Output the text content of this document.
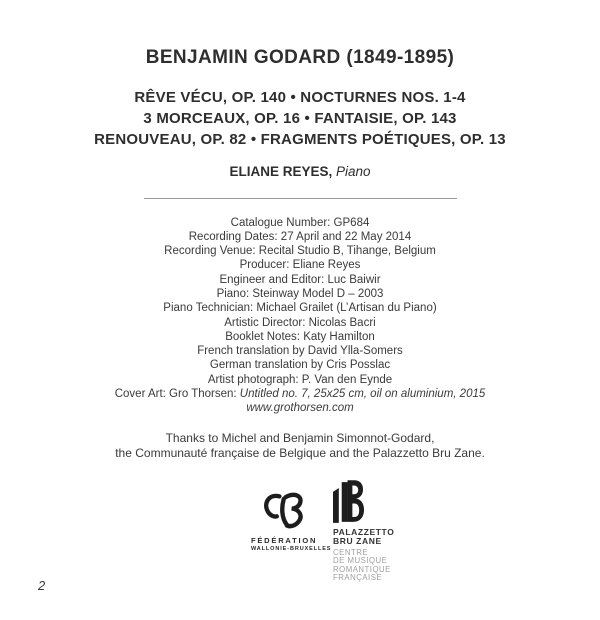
BENJAMIN GODARD (1849-1895)
RÊVE VÉCU, OP. 140 • NOCTURNES NOS. 1-4
3 MORCEAUX, OP. 16 • FANTAISIE, OP. 143
RENOUVEAU, OP. 82 • FRAGMENTS POÉTIQUES, OP. 13
ELIANE REYES, Piano
Catalogue Number: GP684
Recording Dates: 27 April and 22 May 2014
Recording Venue: Recital Studio B, Tihange, Belgium
Producer: Eliane Reyes
Engineer and Editor: Luc Baiwir
Piano: Steinway Model D – 2003
Piano Technician: Michael Grailet (L’Artisan du Piano)
Artistic Director: Nicolas Bacri
Booklet Notes: Katy Hamilton
French translation by David Ylla-Somers
German translation by Cris Posslac
Artist photograph: P. Van den Eynde
Cover Art: Gro Thorsen: Untitled no. 7, 25x25 cm, oil on aluminium, 2015
www.grothorsen.com
Thanks to Michel and Benjamin Simonnot-Godard,
the Communauté française de Belgique and the Palazzetto Bru Zane.
FÉDÉRATION
WALLONIE-BRUXELLES
PALAZZETTO
BRU ZANE
CENTRE
DE MUSIQUE
ROMANTIQUE
FRANÇAISE
2
